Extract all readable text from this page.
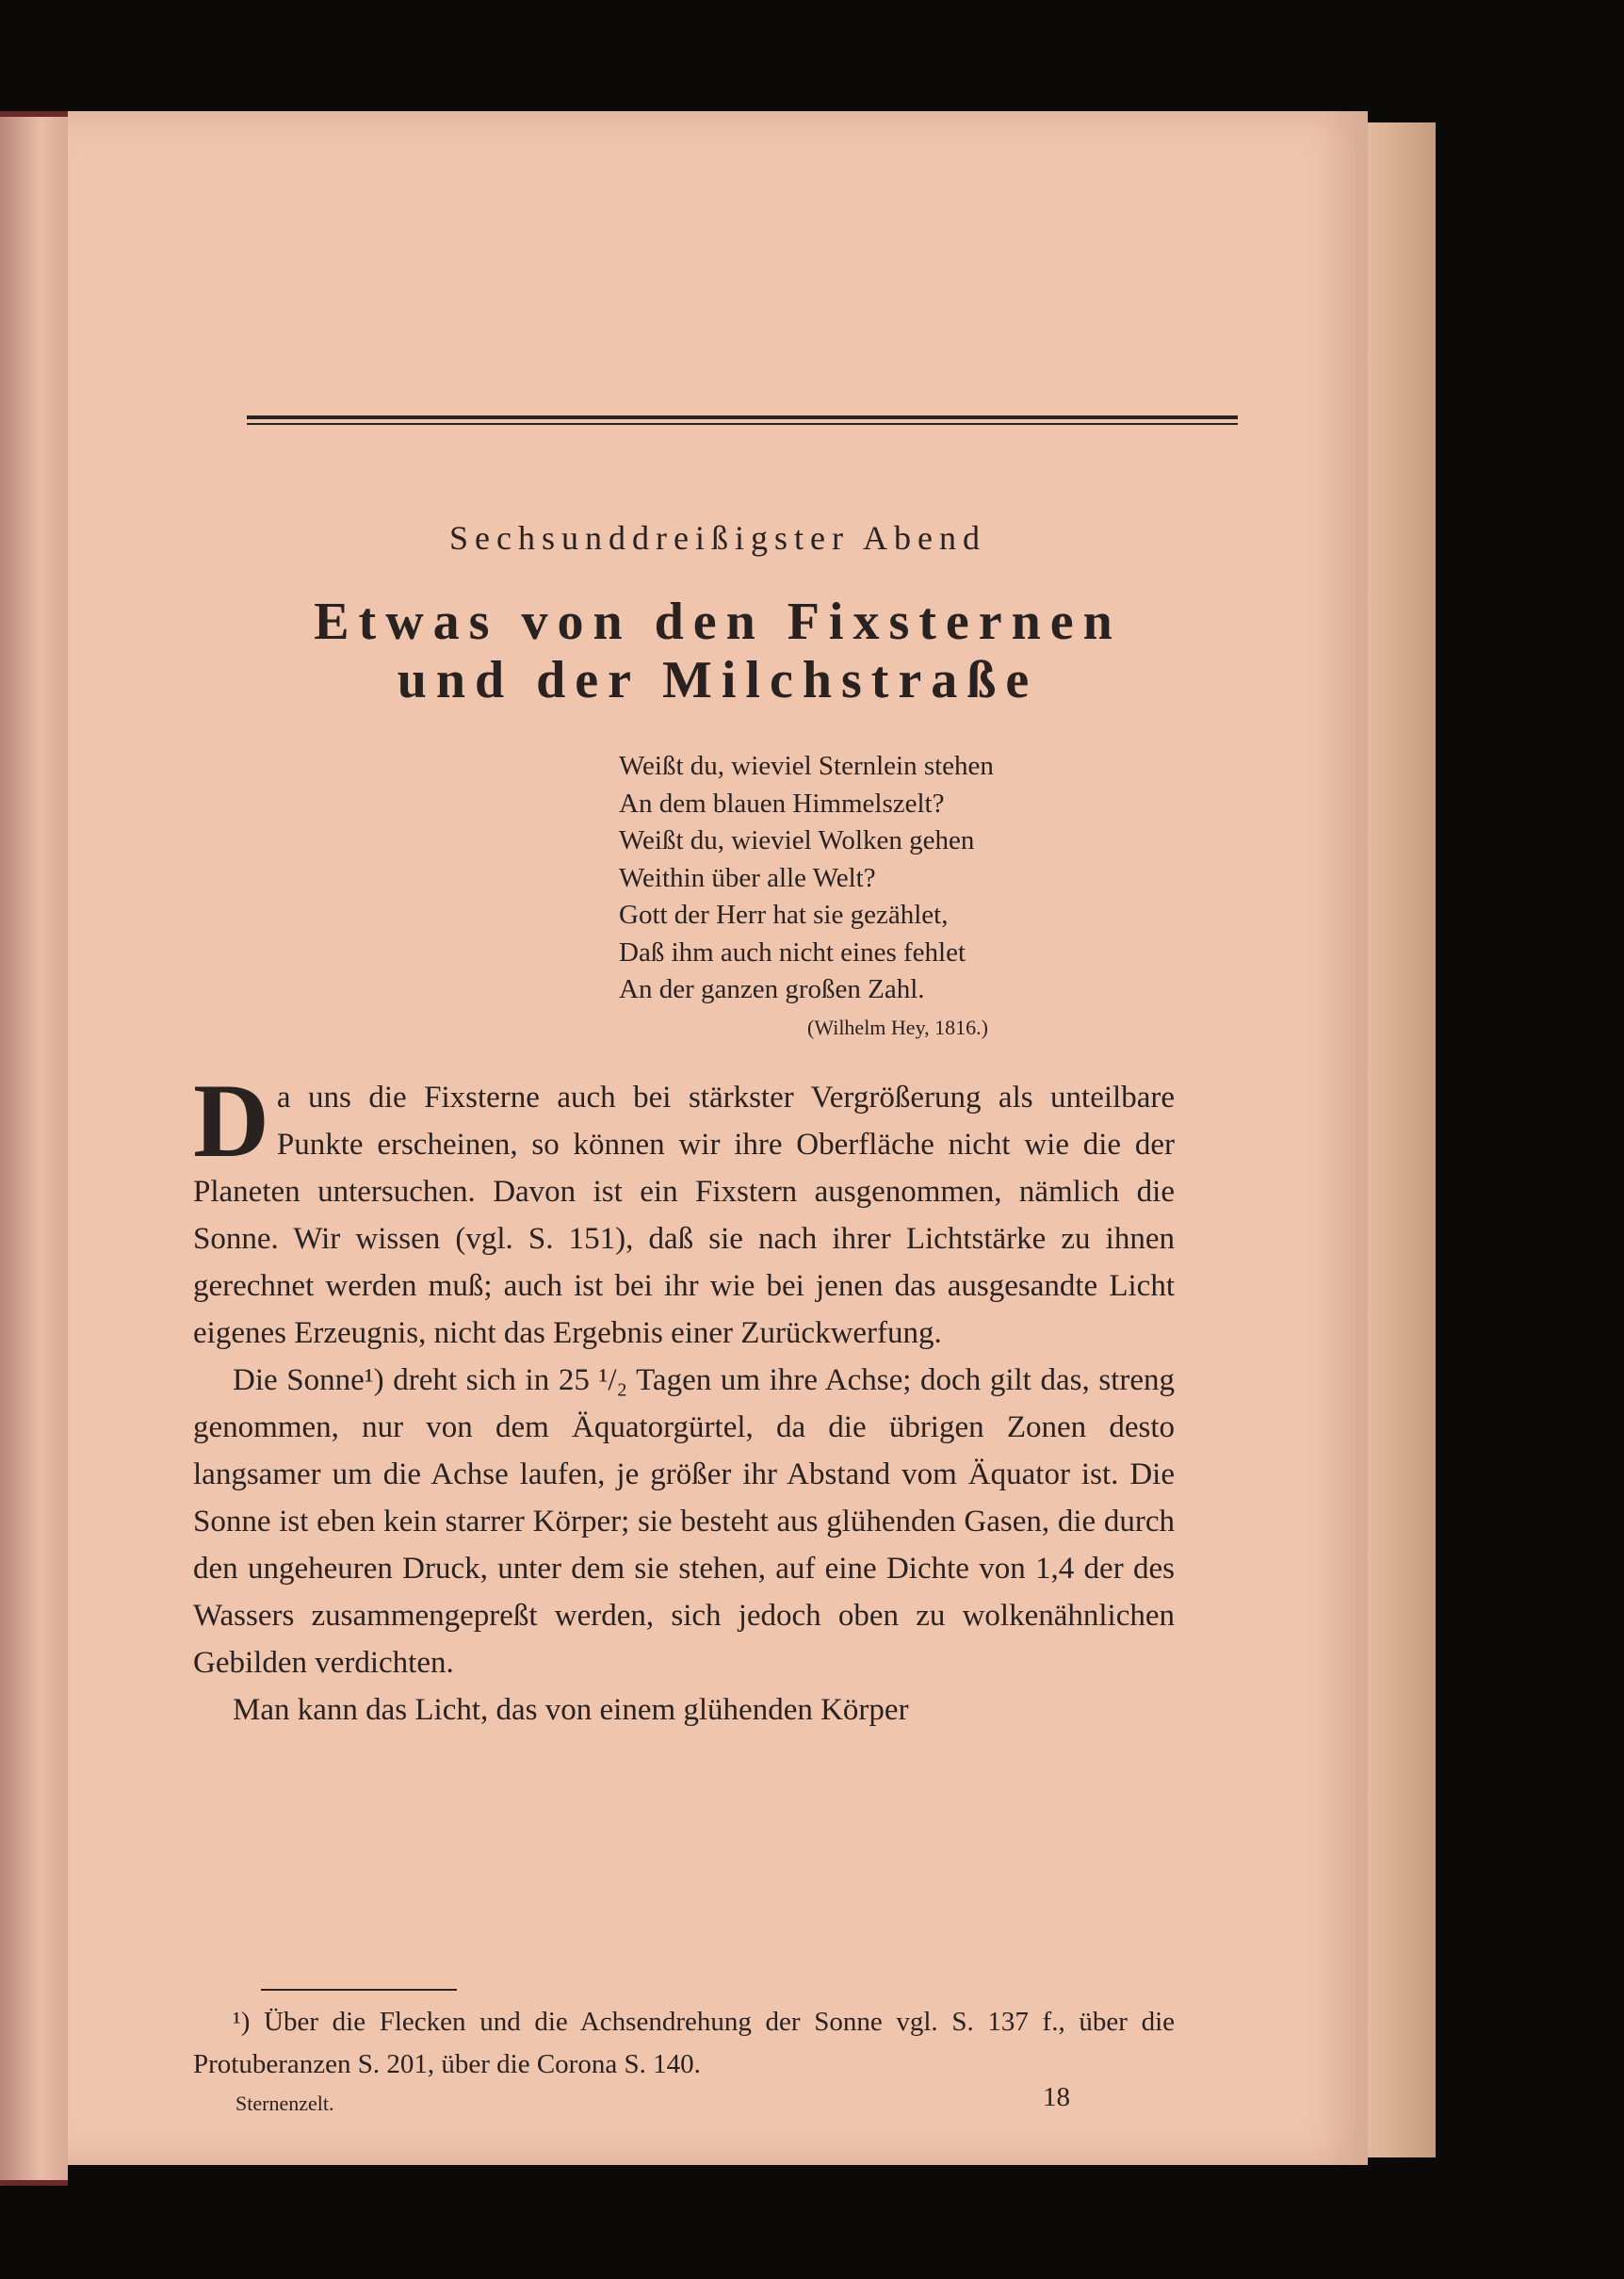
Sechsunddreißigster Abend
Etwas von den Fixsternen
und der Milchstraße
Weißt du, wieviel Sternlein stehen
An dem blauen Himmelszelt?
Weißt du, wieviel Wolken gehen
Weithin über alle Welt?
Gott der Herr hat sie gezählet,
Daß ihm auch nicht eines fehlet
An der ganzen großen Zahl.
(Wilhelm Hey, 1816.)

Da uns die Fixsterne auch bei stärkster Vergrößerung als unteilbare Punkte erscheinen, so können wir ihre Oberfläche nicht wie die der Planeten untersuchen. Davon ist ein Fixstern ausgenommen, nämlich die Sonne. Wir wissen (vgl. S. 151), daß sie nach ihrer Lichtstärke zu ihnen gerechnet werden muß; auch ist bei ihr wie bei jenen das ausgesandte Licht eigenes Erzeugnis, nicht das Ergebnis einer Zurückwerfung.

Die Sonne¹) dreht sich in 25 ¹/₂ Tagen um ihre Achse; doch gilt das, streng genommen, nur von dem Äquatorgürtel, da die übrigen Zonen desto langsamer um die Achse laufen, je größer ihr Abstand vom Äquator ist. Die Sonne ist eben kein starrer Körper; sie besteht aus glühenden Gasen, die durch den ungeheuren Druck, unter dem sie stehen, auf eine Dichte von 1,4 der des Wassers zusammengepreßt werden, sich jedoch oben zu wolkenähnlichen Gebilden verdichten.

Man kann das Licht, das von einem glühenden Körper

¹) Über die Flecken und die Achsendrehung der Sonne vgl. S. 137 f., über die Protuberanzen S. 201, über die Corona S. 140.
Sternenzelt.	18
